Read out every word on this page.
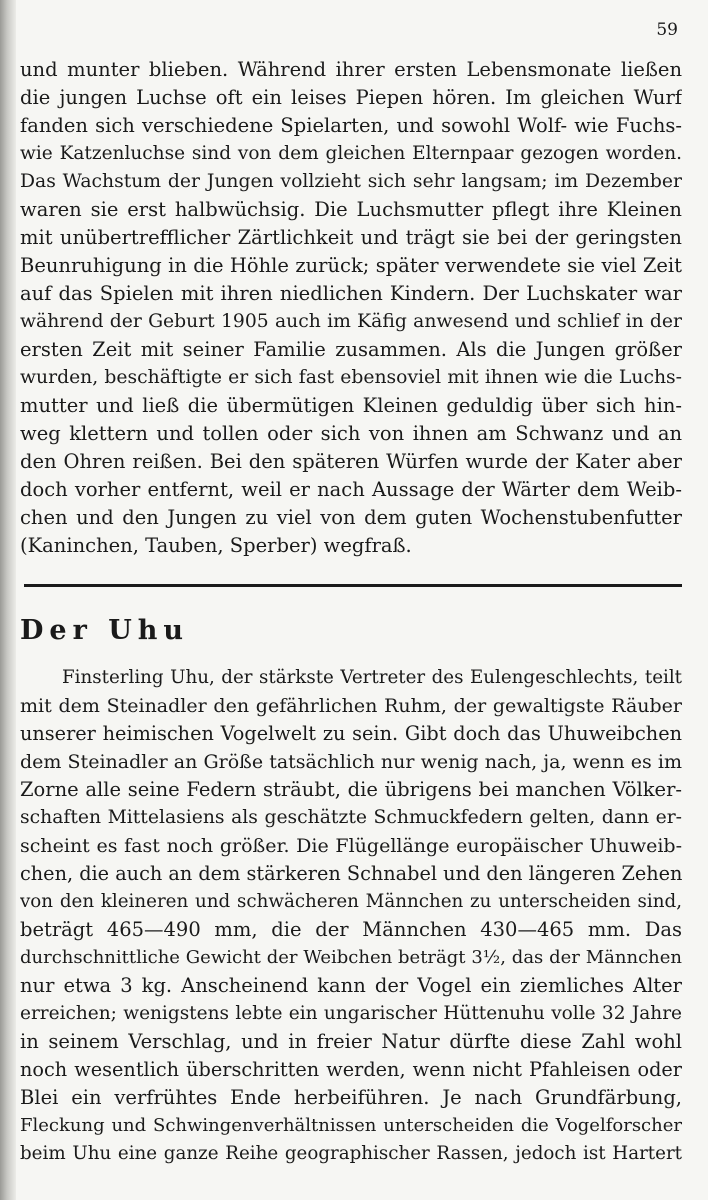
59
und munter blieben. Während ihrer ersten Lebensmonate ließen
die jungen Luchse oft ein leises Piepen hören. Im gleichen Wurf
fanden sich verschiedene Spielarten, und sowohl Wolf- wie Fuchs-
wie Katzenluchse sind von dem gleichen Elternpaar gezogen worden.
Das Wachstum der Jungen vollzieht sich sehr langsam; im Dezember
waren sie erst halbwüchsig. Die Luchsmutter pflegt ihre Kleinen
mit unübertrefflicher Zärtlichkeit und trägt sie bei der geringsten
Beunruhigung in die Höhle zurück; später verwendete sie viel Zeit
auf das Spielen mit ihren niedlichen Kindern. Der Luchskater war
während der Geburt 1905 auch im Käfig anwesend und schlief in der
ersten Zeit mit seiner Familie zusammen. Als die Jungen größer
wurden, beschäftigte er sich fast ebensoviel mit ihnen wie die Luchs-
mutter und ließ die übermütigen Kleinen geduldig über sich hin-
weg klettern und tollen oder sich von ihnen am Schwanz und an
den Ohren reißen. Bei den späteren Würfen wurde der Kater aber
doch vorher entfernt, weil er nach Aussage der Wärter dem Weib-
chen und den Jungen zu viel von dem guten Wochenstubenfutter
(Kaninchen, Tauben, Sperber) wegfraß.
Der Uhu
Finsterling Uhu, der stärkste Vertreter des Eulengeschlechts, teilt
mit dem Steinadler den gefährlichen Ruhm, der gewaltigste Räuber
unserer heimischen Vogelwelt zu sein. Gibt doch das Uhuweibchen
dem Steinadler an Größe tatsächlich nur wenig nach, ja, wenn es im
Zorne alle seine Federn sträubt, die übrigens bei manchen Völker-
schaften Mittelasiens als geschätzte Schmuckfedern gelten, dann er-
scheint es fast noch größer. Die Flügellänge europäischer Uhuweib-
chen, die auch an dem stärkeren Schnabel und den längeren Zehen
von den kleineren und schwächeren Männchen zu unterscheiden sind,
beträgt 465—490 mm, die der Männchen 430—465 mm. Das
durchschnittliche Gewicht der Weibchen beträgt 3½, das der Männchen
nur etwa 3 kg. Anscheinend kann der Vogel ein ziemliches Alter
erreichen; wenigstens lebte ein ungarischer Hüttenuhu volle 32 Jahre
in seinem Verschlag, und in freier Natur dürfte diese Zahl wohl
noch wesentlich überschritten werden, wenn nicht Pfahleisen oder
Blei ein verfrühtes Ende herbeiführen. Je nach Grundfärbung,
Fleckung und Schwingenverhältnissen unterscheiden die Vogelforscher
beim Uhu eine ganze Reihe geographischer Rassen, jedoch ist Hartert
